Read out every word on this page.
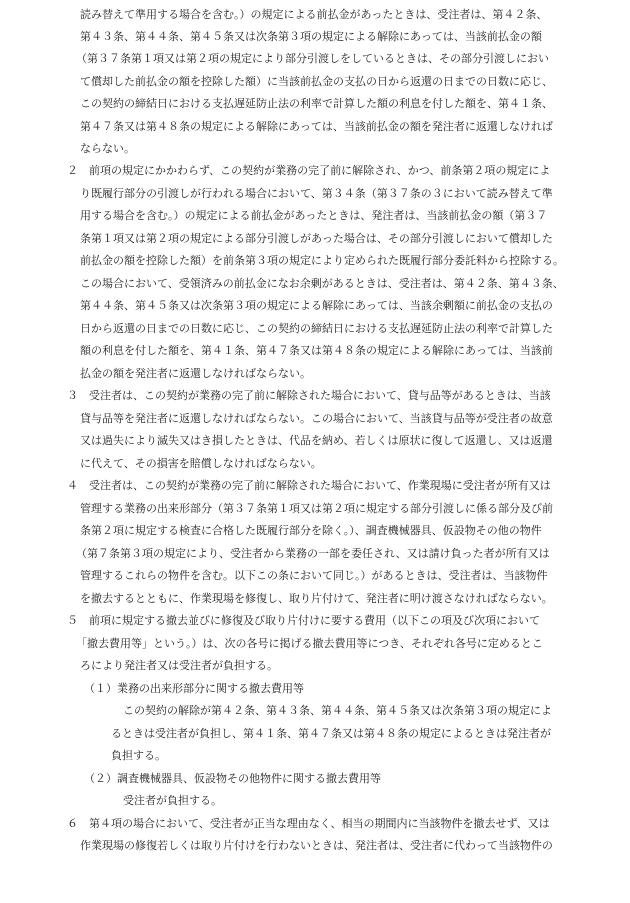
読み替えて準用する場合を含む。）の規定による前払金があったときは、受注者は、第４２条、
第４３条、第４４条、第４５条又は次条第３項の規定による解除にあっては、当該前払金の額
（第３７条第１項又は第２項の規定により部分引渡しをしているときは、その部分引渡しにおい
て償却した前払金の額を控除した額）に当該前払金の支払の日から返還の日までの日数に応じ、
この契約の締結日における支払遅延防止法の利率で計算した額の利息を付した額を、第４１条、
第４７条又は第４８条の規定による解除にあっては、当該前払金の額を発注者に返還しなければ
ならない。
２　前項の規定にかかわらず、この契約が業務の完了前に解除され、かつ、前条第２項の規定によ
り既履行部分の引渡しが行われる場合において、第３４条（第３７条の３において読み替えて準
用する場合を含む。）の規定による前払金があったときは、発注者は、当該前払金の額（第３７
条第１項又は第２項の規定による部分引渡しがあった場合は、その部分引渡しにおいて償却した
前払金の額を控除した額）を前条第３項の規定により定められた既履行部分委託料から控除する。
この場合において、受領済みの前払金になお余剰があるときは、受注者は、第４２条、第４３条、
第４４条、第４５条又は次条第３項の規定による解除にあっては、当該余剰額に前払金の支払の
日から返還の日までの日数に応じ、この契約の締結日における支払遅延防止法の利率で計算した
額の利息を付した額を、第４１条、第４７条又は第４８条の規定による解除にあっては、当該前
払金の額を発注者に返還しなければならない。
３　受注者は、この契約が業務の完了前に解除された場合において、貸与品等があるときは、当該
貸与品等を発注者に返還しなければならない。この場合において、当該貸与品等が受注者の故意
又は過失により滅失又はき損したときは、代品を納め、若しくは原状に復して返還し、又は返還
に代えて、その損害を賠償しなければならない。
４　受注者は、この契約が業務の完了前に解除された場合において、作業現場に受注者が所有又は
管理する業務の出来形部分（第３７条第１項又は第２項に規定する部分引渡しに係る部分及び前
条第２項に規定する検査に合格した既履行部分を除く。）、調査機械器具、仮設物その他の物件
（第７条第３項の規定により、受注者から業務の一部を委任され、又は請け負った者が所有又は
管理するこれらの物件を含む。以下この条において同じ。）があるときは、受注者は、当該物件
を撤去するとともに、作業現場を修復し、取り片付けて、発注者に明け渡さなければならない。
５　前項に規定する撤去並びに修復及び取り片付けに要する費用（以下この項及び次項において
「撤去費用等」という。）は、次の各号に掲げる撤去費用等につき、それぞれ各号に定めるとこ
ろにより発注者又は受注者が負担する。
（１）業務の出来形部分に関する撤去費用等
この契約の解除が第４２条、第４３条、第４４条、第４５条又は次条第３項の規定によ
るときは受注者が負担し、第４１条、第４７条又は第４８条の規定によるときは発注者が
負担する。
（２）調査機械器具、仮設物その他物件に関する撤去費用等
受注者が負担する。
６　第４項の場合において、受注者が正当な理由なく、相当の期間内に当該物件を撤去せず、又は
作業現場の修復若しくは取り片付けを行わないときは、発注者は、受注者に代わって当該物件の
